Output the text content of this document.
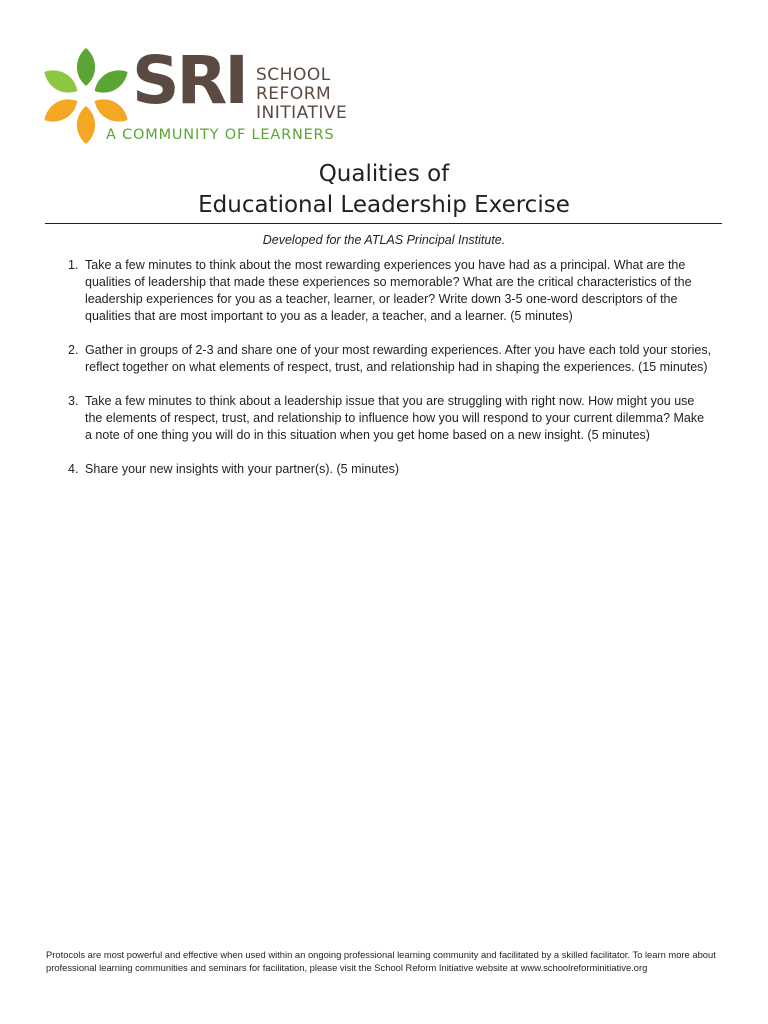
SRI SCHOOL
REFORM
INITIATIVE
A COMMUNITY OF LEARNERS
Qualities of
Educational Leadership Exercise
Developed for the ATLAS Principal Institute.
1. Take a few minutes to think about the most rewarding experiences you have had as a principal. What are the qualities of leadership that made these experiences so memorable? What are the critical characteristics of the leadership experiences for you as a teacher, learner, or leader? Write down 3-5 one-word descriptors of the qualities that are most important to you as a leader, a teacher, and a learner. (5 minutes)
2. Gather in groups of 2-3 and share one of your most rewarding experiences. After you have each told your stories, reflect together on what elements of respect, trust, and relationship had in shaping the experiences. (15 minutes)
3. Take a few minutes to think about a leadership issue that you are struggling with right now. How might you use the elements of respect, trust, and relationship to influence how you will respond to your current dilemma? Make a note of one thing you will do in this situation when you get home based on a new insight. (5 minutes)
4. Share your new insights with your partner(s). (5 minutes)
Protocols are most powerful and effective when used within an ongoing professional learning community and facilitated by a skilled facilitator. To learn more about professional learning communities and seminars for facilitation, please visit the School Reform Initiative website at www.schoolreforminitiative.org
